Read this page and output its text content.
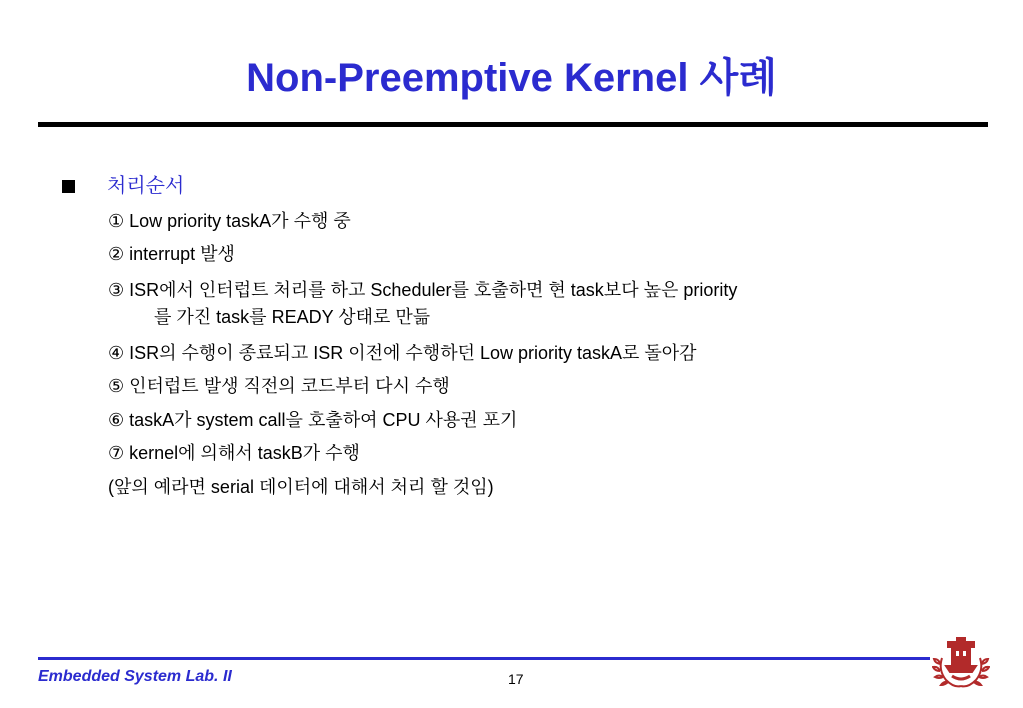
Non-Preemptive Kernel 사례
처리순서
① Low priority taskA가 수행 중
② interrupt 발생
③ ISR에서 인터럽트 처리를 하고 Scheduler를 호출하면 현 task보다 높은 priority
를 가진 task를 READY 상태로 만듦
④ ISR의 수행이 종료되고 ISR 이전에 수행하던 Low priority taskA로 돌아감
⑤ 인터럽트 발생 직전의 코드부터 다시 수행
⑥ taskA가 system call을 호출하여 CPU 사용권 포기
⑦ kernel에 의해서 taskB가 수행
(앞의 예라면 serial 데이터에 대해서 처리 할 것임)
Embedded System Lab. II	17
